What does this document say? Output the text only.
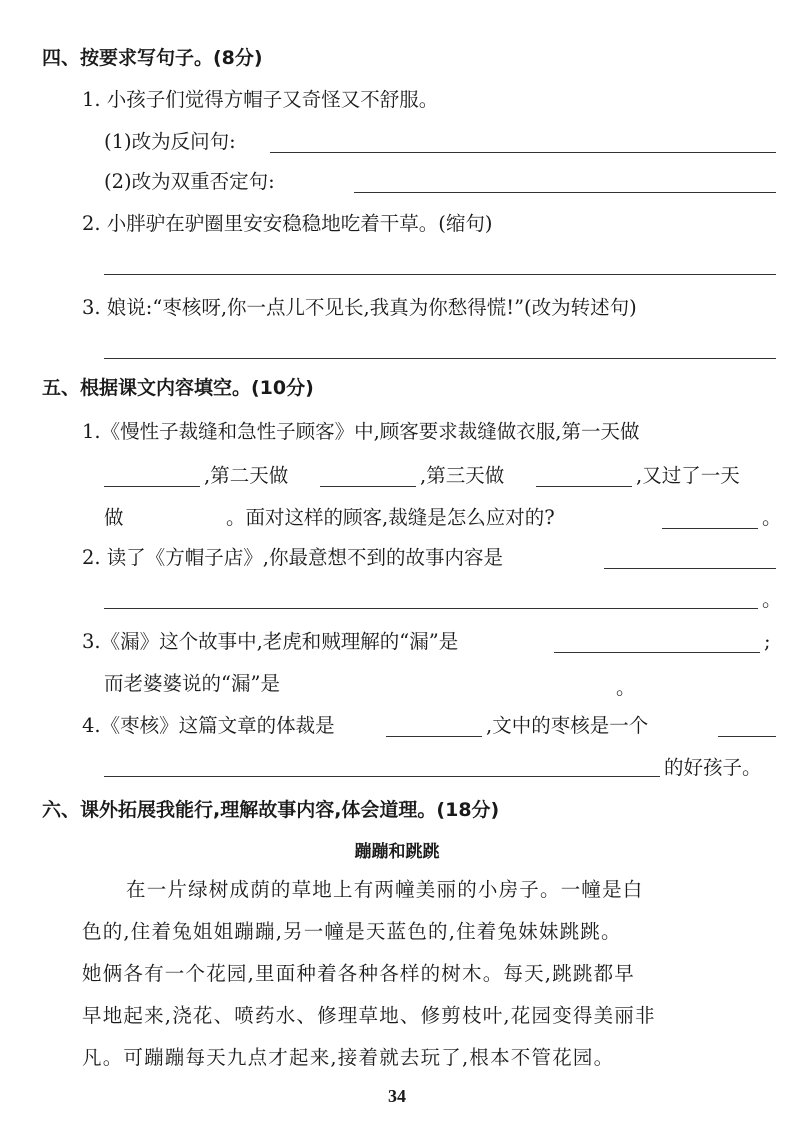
四、按要求写句子。(8分)
1. 小孩子们觉得方帽子又奇怪又不舒服。
(1)改为反问句:
(2)改为双重否定句:
2. 小胖驴在驴圈里安安稳稳地吃着干草。(缩句)
3. 娘说:“枣核呀,你一点儿不见长,我真为你愁得慌!”(改为转述句)
五、根据课文内容填空。(10分)
1.《慢性子裁缝和急性子顾客》中,顾客要求裁缝做衣服,第一天做
,第二天做	,第三天做	,又过了一天
做	。面对这样的顾客,裁缝是怎么应对的?	。
2. 读了《方帽子店》,你最意想不到的故事内容是
。
3.《漏》这个故事中,老虎和贼理解的“漏”是	;
而老婆婆说的“漏”是	。
4.《枣核》这篇文章的体裁是	,文中的枣核是一个
的好孩子。
六、课外拓展我能行,理解故事内容,体会道理。(18分)
蹦蹦和跳跳
在一片绿树成荫的草地上有两幢美丽的小房子。一幢是白
色的,住着兔姐姐蹦蹦,另一幢是天蓝色的,住着兔妹妹跳跳。
她俩各有一个花园,里面种着各种各样的树木。每天,跳跳都早
早地起来,浇花、喷药水、修理草地、修剪枝叶,花园变得美丽非
凡。可蹦蹦每天九点才起来,接着就去玩了,根本不管花园。
34
